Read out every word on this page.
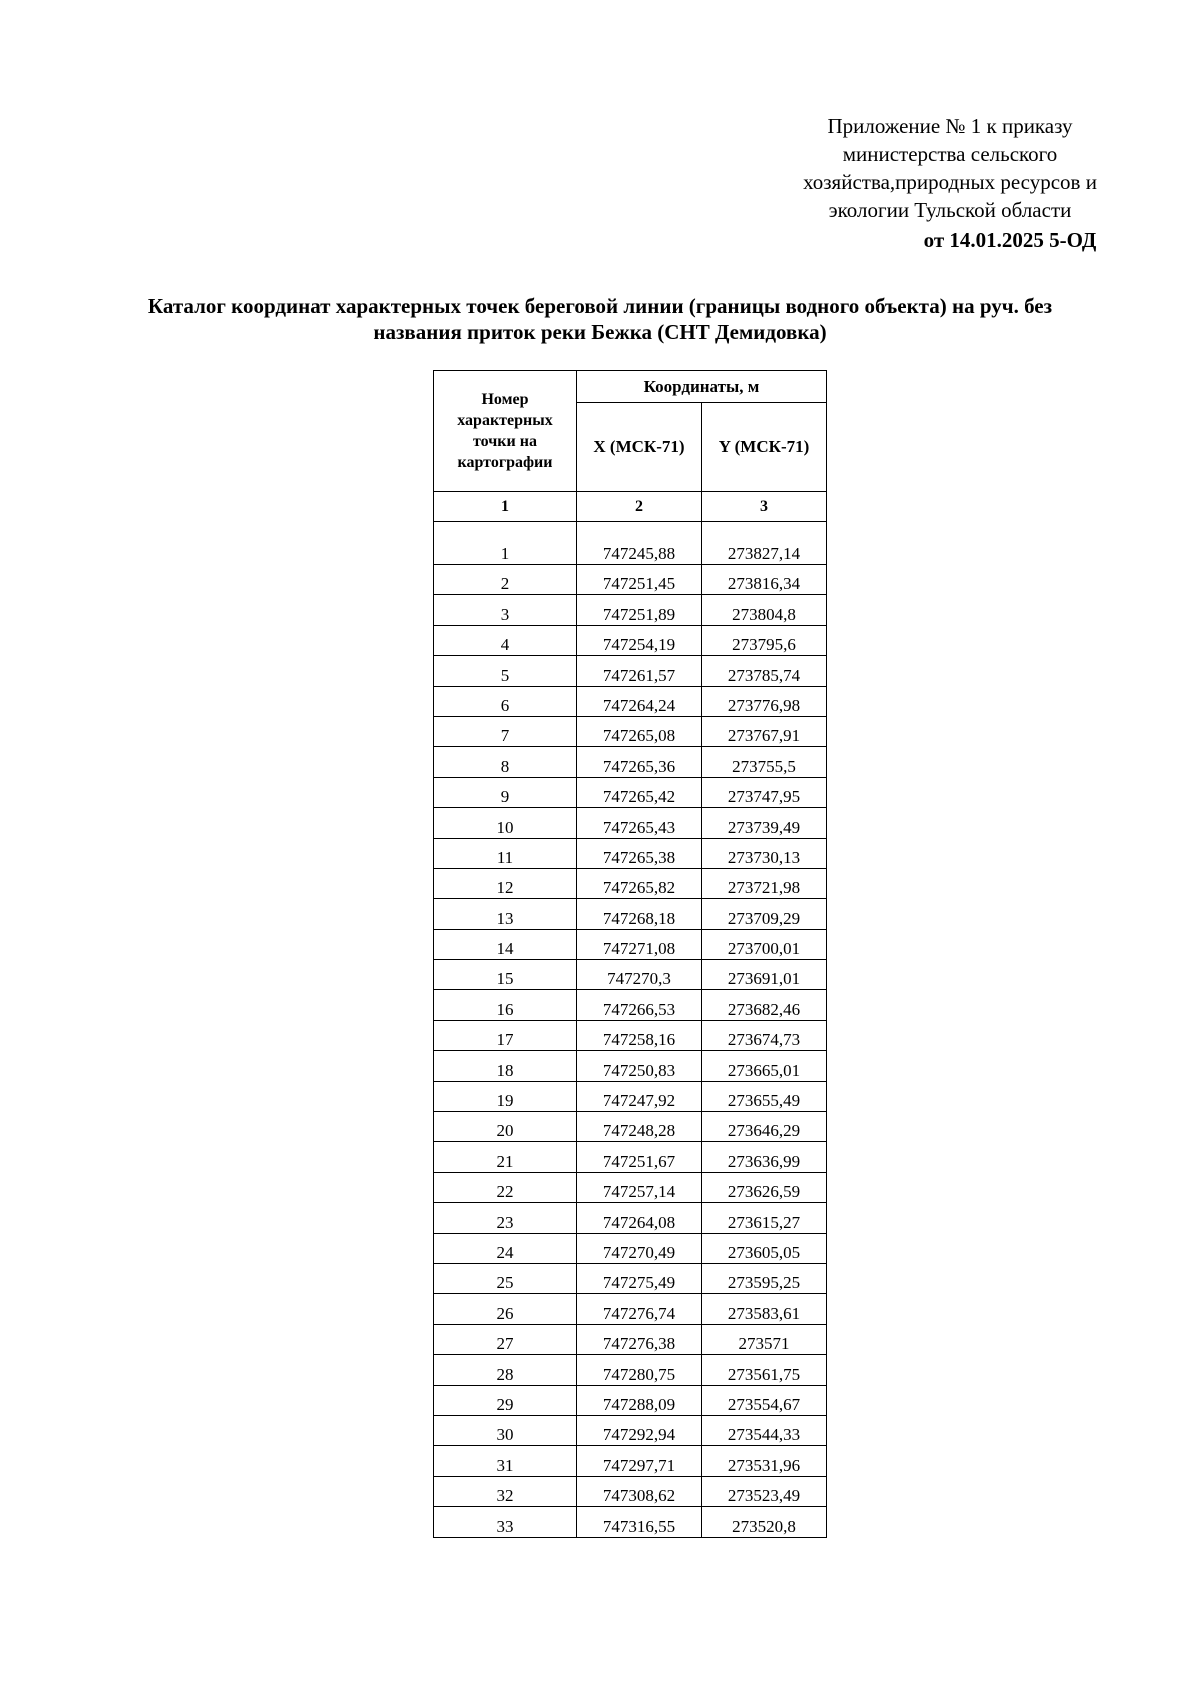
Приложение № 1 к приказу
министерства сельского
хозяйства,природных ресурсов и
экологии Тульской области
от 14.01.2025 5-ОД
Каталог координат характерных точек береговой линии (границы водного объекта) на руч. без
названия приток реки Бежка (СНТ Демидовка)
Номер характерных точки на картографии	Координаты, м	
	X (МСК-71)	Y (МСК-71)
1	2	3
1	747245,88	273827,14
2	747251,45	273816,34
3	747251,89	273804,8
4	747254,19	273795,6
5	747261,57	273785,74
6	747264,24	273776,98
7	747265,08	273767,91
8	747265,36	273755,5
9	747265,42	273747,95
10	747265,43	273739,49
11	747265,38	273730,13
12	747265,82	273721,98
13	747268,18	273709,29
14	747271,08	273700,01
15	747270,3	273691,01
16	747266,53	273682,46
17	747258,16	273674,73
18	747250,83	273665,01
19	747247,92	273655,49
20	747248,28	273646,29
21	747251,67	273636,99
22	747257,14	273626,59
23	747264,08	273615,27
24	747270,49	273605,05
25	747275,49	273595,25
26	747276,74	273583,61
27	747276,38	273571
28	747280,75	273561,75
29	747288,09	273554,67
30	747292,94	273544,33
31	747297,71	273531,96
32	747308,62	273523,49
33	747316,55	273520,8
